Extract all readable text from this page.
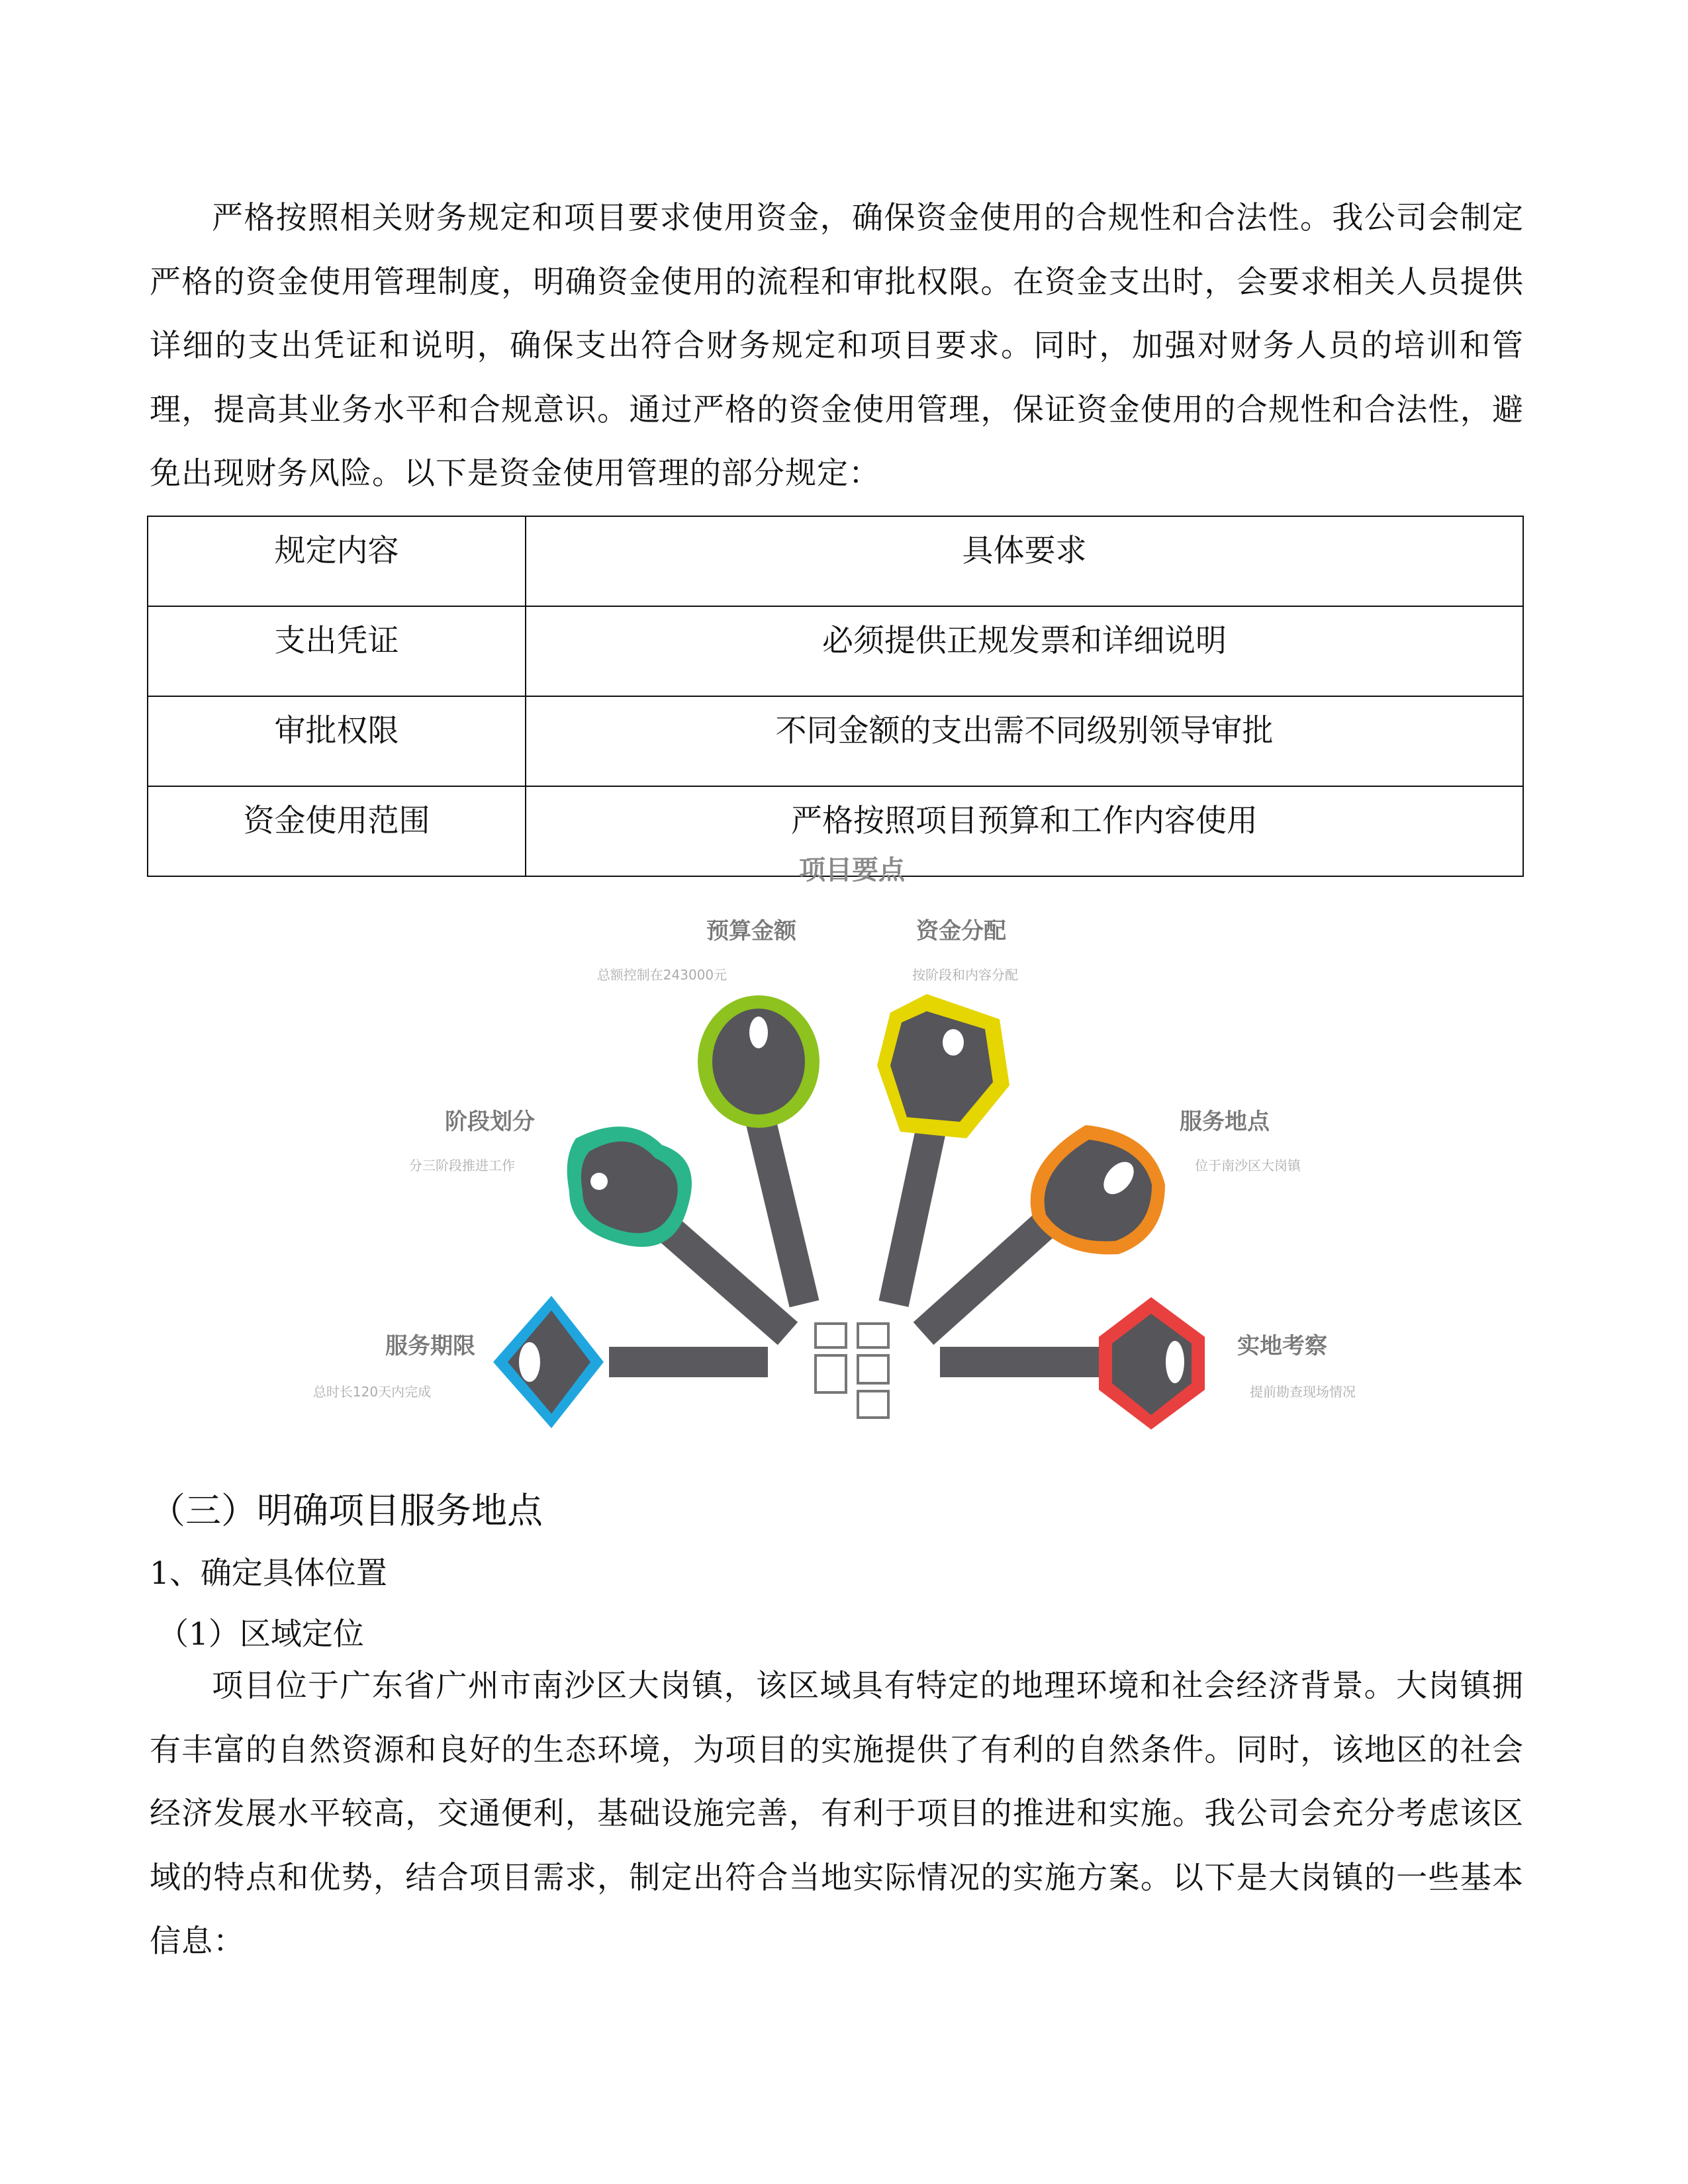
严格按照相关财务规定和项目要求使用资金，确保资金使用的合规性和合法性。我公司会制定严格的资金使用管理制度，明确资金使用的流程和审批权限。在资金支出时，会要求相关人员提供详细的支出凭证和说明，确保支出符合财务规定和项目要求。同时，加强对财务人员的培训和管理，提高其业务水平和合规意识。通过严格的资金使用管理，保证资金使用的合规性和合法性，避免出现财务风险。以下是资金使用管理的部分规定：

规定内容	具体要求
支出凭证	必须提供正规发票和详细说明
审批权限	不同金额的支出需不同级别领导审批
资金使用范围	严格按照项目预算和工作内容使用
项目要点
预算金额
总额控制在243000元
资金分配
按阶段和内容分配
阶段划分
分三阶段推进工作
服务地点
位于南沙区大岗镇
服务期限
总时长120天内完成
实地考察
提前勘查现场情况
（三）明确项目服务地点
1、确定具体位置
（1）区域定位

项目位于广东省广州市南沙区大岗镇，该区域具有特定的地理环境和社会经济背景。大岗镇拥有丰富的自然资源和良好的生态环境，为项目的实施提供了有利的自然条件。同时，该地区的社会经济发展水平较高，交通便利，基础设施完善，有利于项目的推进和实施。我公司会充分考虑该区域的特点和优势，结合项目需求，制定出符合当地实际情况的实施方案。以下是大岗镇的一些基本信息：
